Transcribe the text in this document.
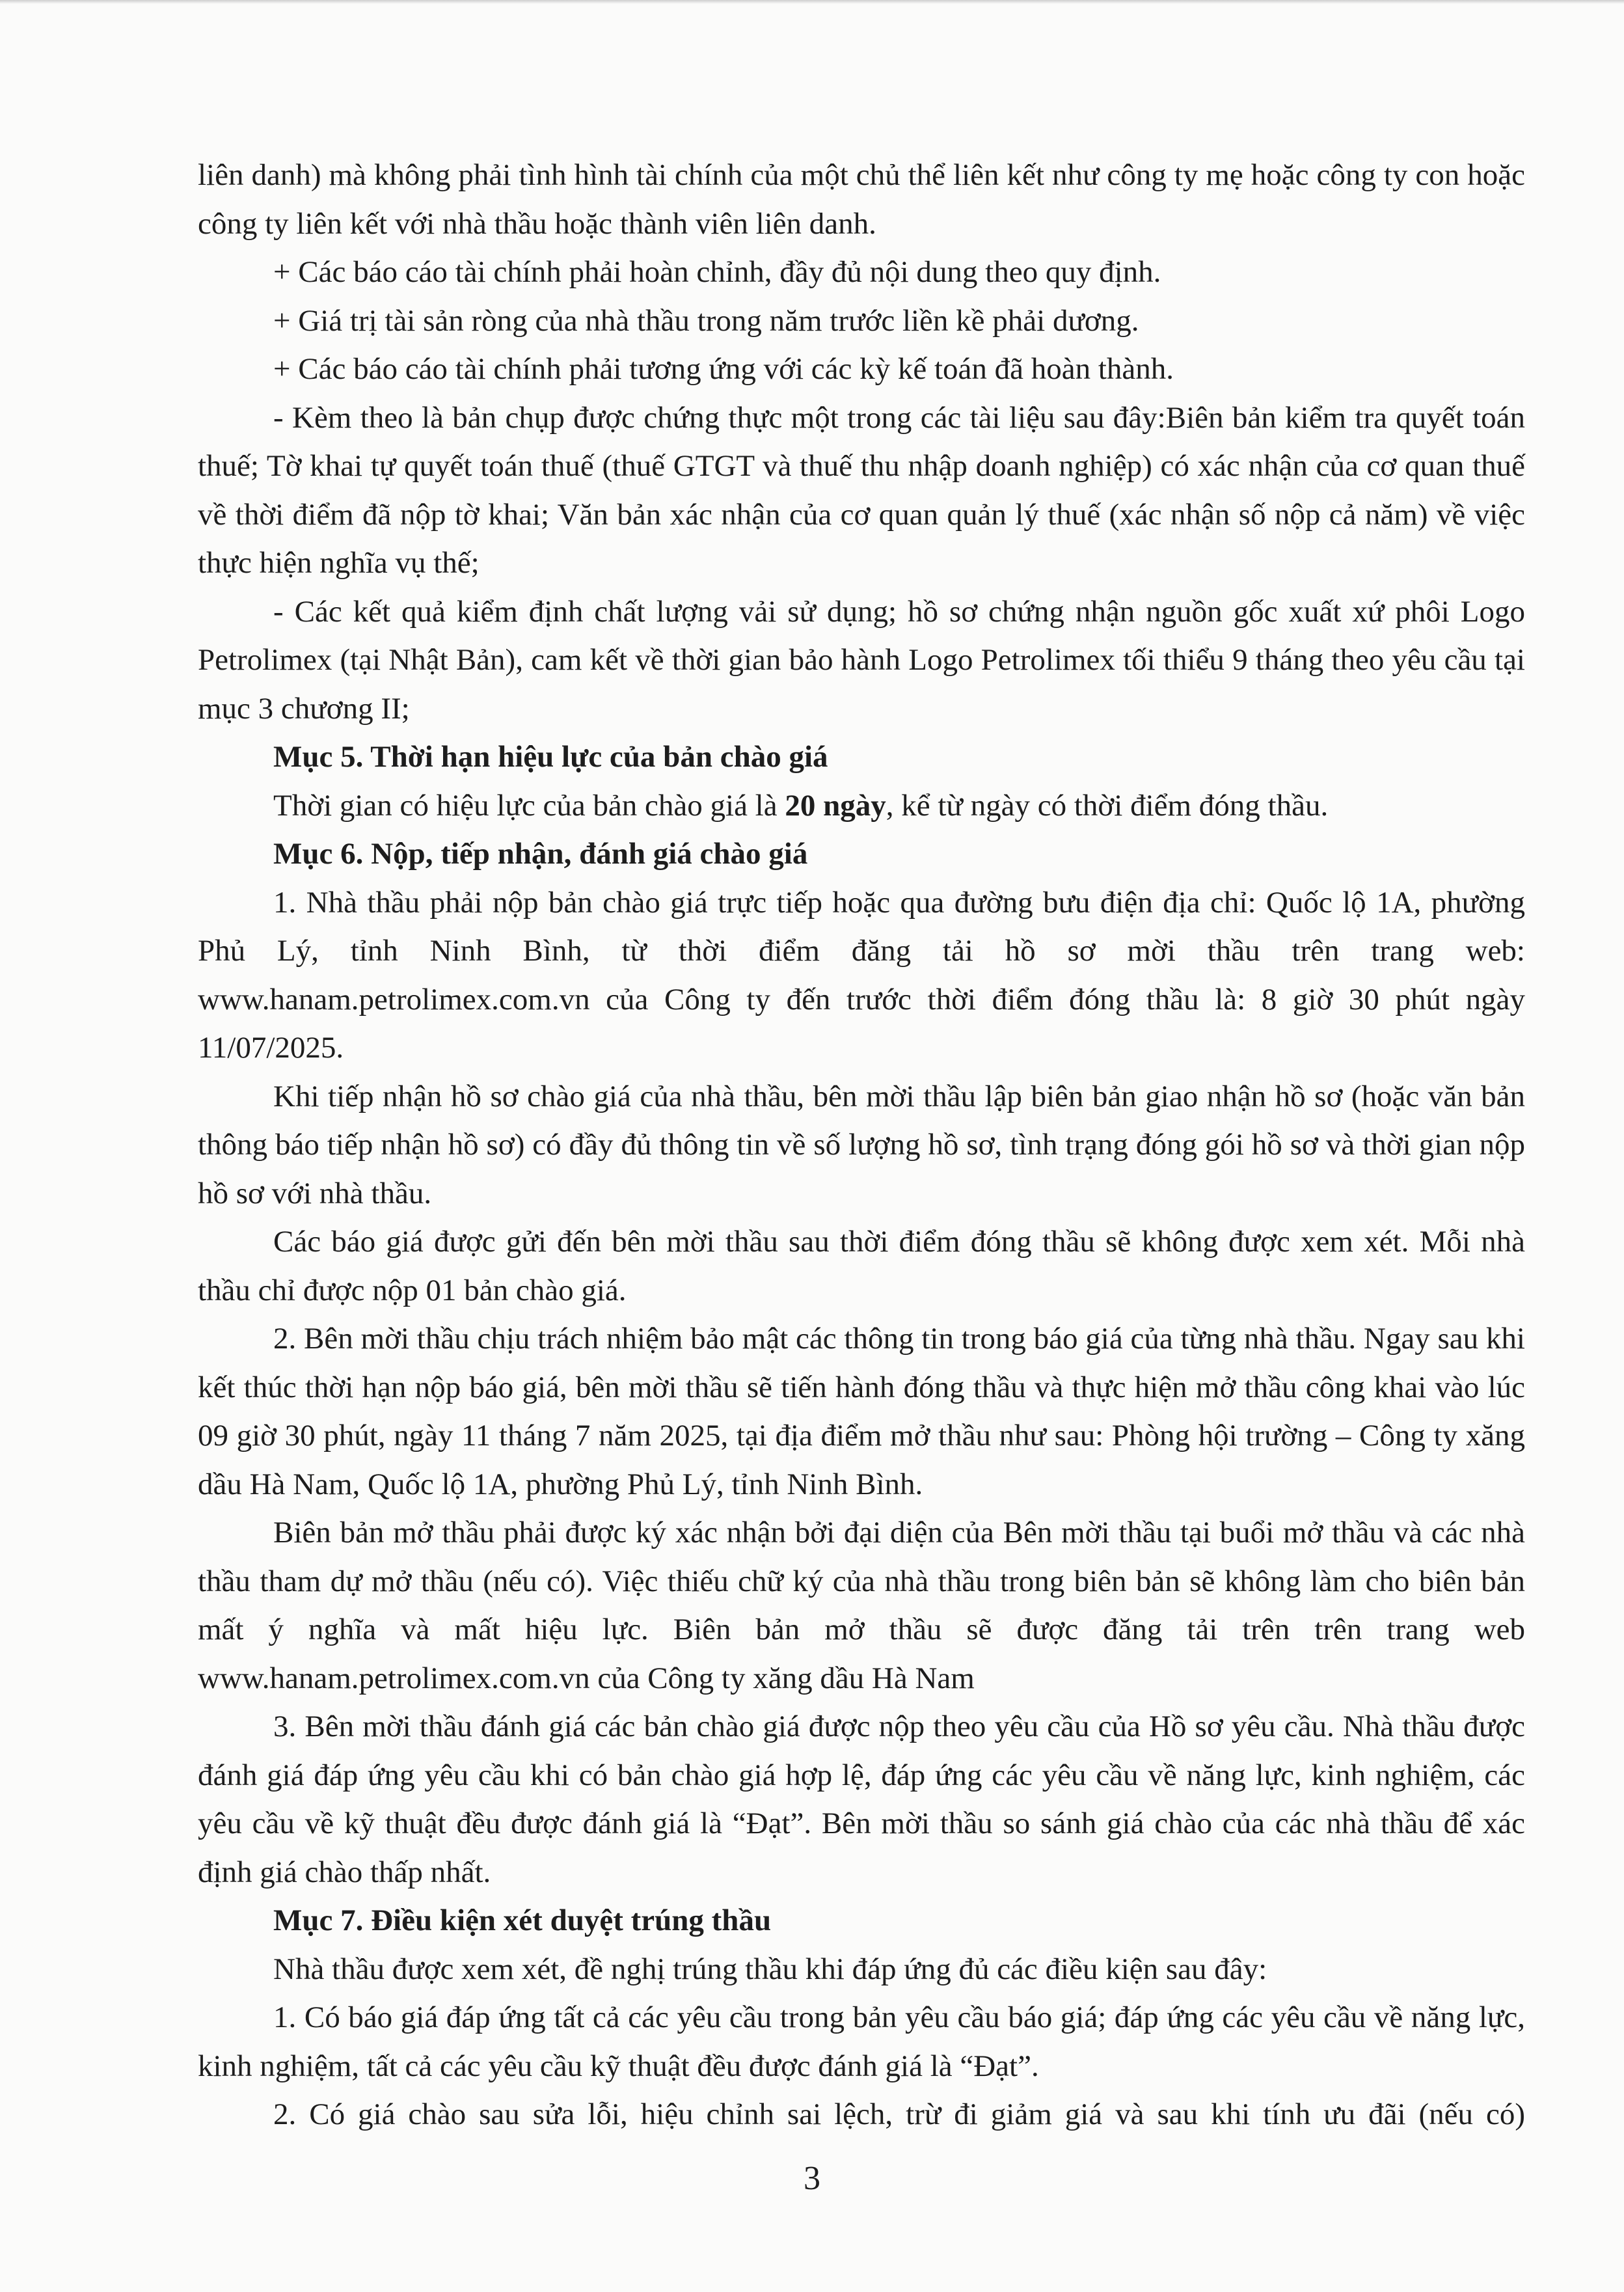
liên danh) mà không phải tình hình tài chính của một chủ thể liên kết như công ty mẹ hoặc công ty con hoặc công ty liên kết với nhà thầu hoặc thành viên liên danh.

+ Các báo cáo tài chính phải hoàn chỉnh, đầy đủ nội dung theo quy định.

+ Giá trị tài sản ròng của nhà thầu trong năm trước liền kề phải dương.

+ Các báo cáo tài chính phải tương ứng với các kỳ kế toán đã hoàn thành.

- Kèm theo là bản chụp được chứng thực một trong các tài liệu sau đây:Biên bản kiểm tra quyết toán thuế; Tờ khai tự quyết toán thuế (thuế GTGT và thuế thu nhập doanh nghiệp) có xác nhận của cơ quan thuế về thời điểm đã nộp tờ khai; Văn bản xác nhận của cơ quan quản lý thuế (xác nhận số nộp cả năm) về việc thực hiện nghĩa vụ thế;

- Các kết quả kiểm định chất lượng vải sử dụng; hồ sơ chứng nhận nguồn gốc xuất xứ phôi Logo Petrolimex (tại Nhật Bản), cam kết về thời gian bảo hành Logo Petrolimex tối thiểu 9 tháng theo yêu cầu tại mục 3 chương II;

Mục 5. Thời hạn hiệu lực của bản chào giá

Thời gian có hiệu lực của bản chào giá là 20 ngày, kể từ ngày có thời điểm đóng thầu.

Mục 6. Nộp, tiếp nhận, đánh giá chào giá

1. Nhà thầu phải nộp bản chào giá trực tiếp hoặc qua đường bưu điện địa chỉ: Quốc lộ 1A, phường Phủ Lý, tỉnh Ninh Bình, từ thời điểm đăng tải hồ sơ mời thầu trên trang web: www.hanam.petrolimex.com.vn của Công ty đến trước thời điểm đóng thầu là: 8 giờ 30 phút ngày 11/07/2025.

Khi tiếp nhận hồ sơ chào giá của nhà thầu, bên mời thầu lập biên bản giao nhận hồ sơ (hoặc văn bản thông báo tiếp nhận hồ sơ) có đầy đủ thông tin về số lượng hồ sơ, tình trạng đóng gói hồ sơ và thời gian nộp hồ sơ với nhà thầu.

Các báo giá được gửi đến bên mời thầu sau thời điểm đóng thầu sẽ không được xem xét. Mỗi nhà thầu chỉ được nộp 01 bản chào giá.

2. Bên mời thầu chịu trách nhiệm bảo mật các thông tin trong báo giá của từng nhà thầu. Ngay sau khi kết thúc thời hạn nộp báo giá, bên mời thầu sẽ tiến hành đóng thầu và thực hiện mở thầu công khai vào lúc 09 giờ 30 phút, ngày 11 tháng 7 năm 2025, tại địa điểm mở thầu như sau: Phòng hội trường – Công ty xăng dầu Hà Nam, Quốc lộ 1A, phường Phủ Lý, tỉnh Ninh Bình.

Biên bản mở thầu phải được ký xác nhận bởi đại diện của Bên mời thầu tại buổi mở thầu và các nhà thầu tham dự mở thầu (nếu có). Việc thiếu chữ ký của nhà thầu trong biên bản sẽ không làm cho biên bản mất ý nghĩa và mất hiệu lực. Biên bản mở thầu sẽ được đăng tải trên trên trang web www.hanam.petrolimex.com.vn của Công ty xăng dầu Hà Nam

3. Bên mời thầu đánh giá các bản chào giá được nộp theo yêu cầu của Hồ sơ yêu cầu. Nhà thầu được đánh giá đáp ứng yêu cầu khi có bản chào giá hợp lệ, đáp ứng các yêu cầu về năng lực, kinh nghiệm, các yêu cầu về kỹ thuật đều được đánh giá là “Đạt”. Bên mời thầu so sánh giá chào của các nhà thầu để xác định giá chào thấp nhất.

Mục 7. Điều kiện xét duyệt trúng thầu

Nhà thầu được xem xét, đề nghị trúng thầu khi đáp ứng đủ các điều kiện sau đây:

1. Có báo giá đáp ứng tất cả các yêu cầu trong bản yêu cầu báo giá; đáp ứng các yêu cầu về năng lực, kinh nghiệm, tất cả các yêu cầu kỹ thuật đều được đánh giá là “Đạt”.

2. Có giá chào sau sửa lỗi, hiệu chỉnh sai lệch, trừ đi giảm giá và sau khi tính ưu đãi (nếu có)

3
